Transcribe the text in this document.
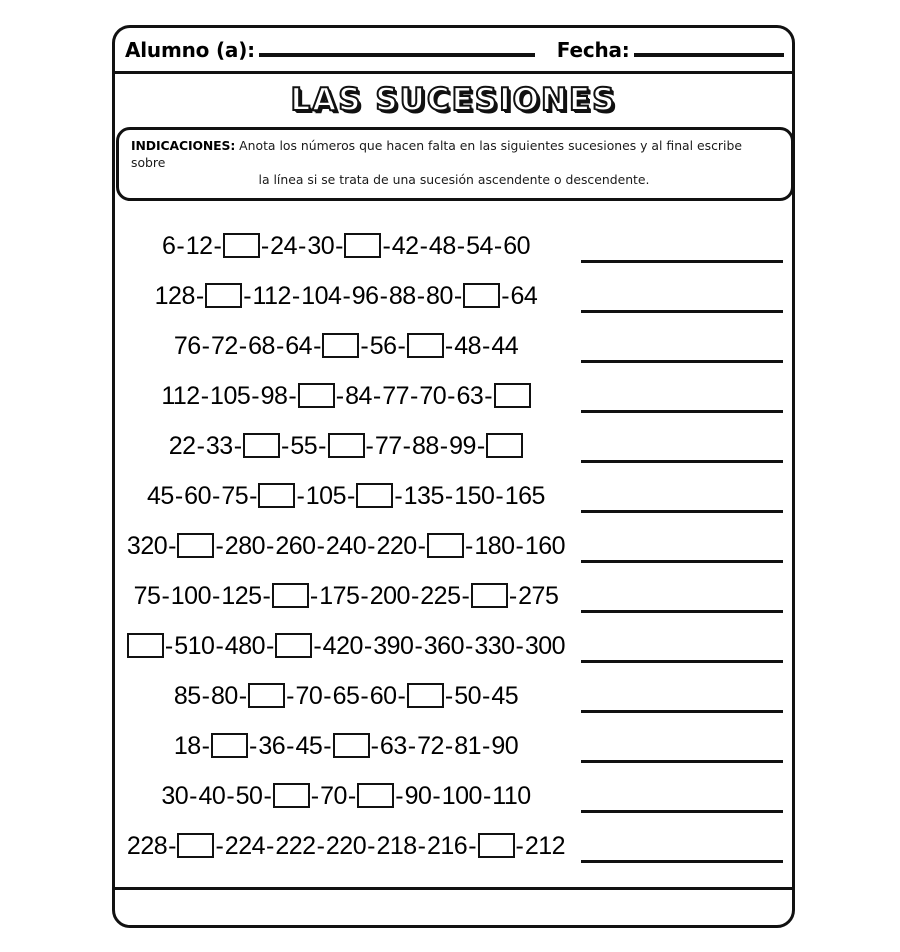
Alumno (a):	Fecha:
LAS SUCESIONES
INDICACIONES: Anota los números que hacen falta en las siguientes sucesiones y al final escribe sobre
la línea si se trata de una sucesión ascendente o descendente.
6 - 12 - - 24 - 30 - - 42 - 48 - 54 - 60
128 - - 112 - 104 - 96 - 88 - 80 - - 64
76 - 72 - 68 - 64 - - 56 - - 48 - 44
112 - 105 - 98 - - 84 - 77 - 70 - 63 -
22 - 33 - - 55 - - 77 - 88 - 99 -
45 - 60 - 75 - - 105 - - 135 - 150 - 165
320 - - 280 - 260 - 240 - 220 - - 180 - 160
75 - 100 - 125 - - 175 - 200 - 225 - - 275
- 510 - 480 - - 420 - 390 - 360 - 330 - 300
85 - 80 - - 70 - 65 - 60 - - 50 - 45
18 - - 36 - 45 - - 63 - 72 - 81 - 90
30 - 40 - 50 - - 70 - - 90 - 100 - 110
228 - - 224 - 222 - 220 - 218 - 216 - - 212
